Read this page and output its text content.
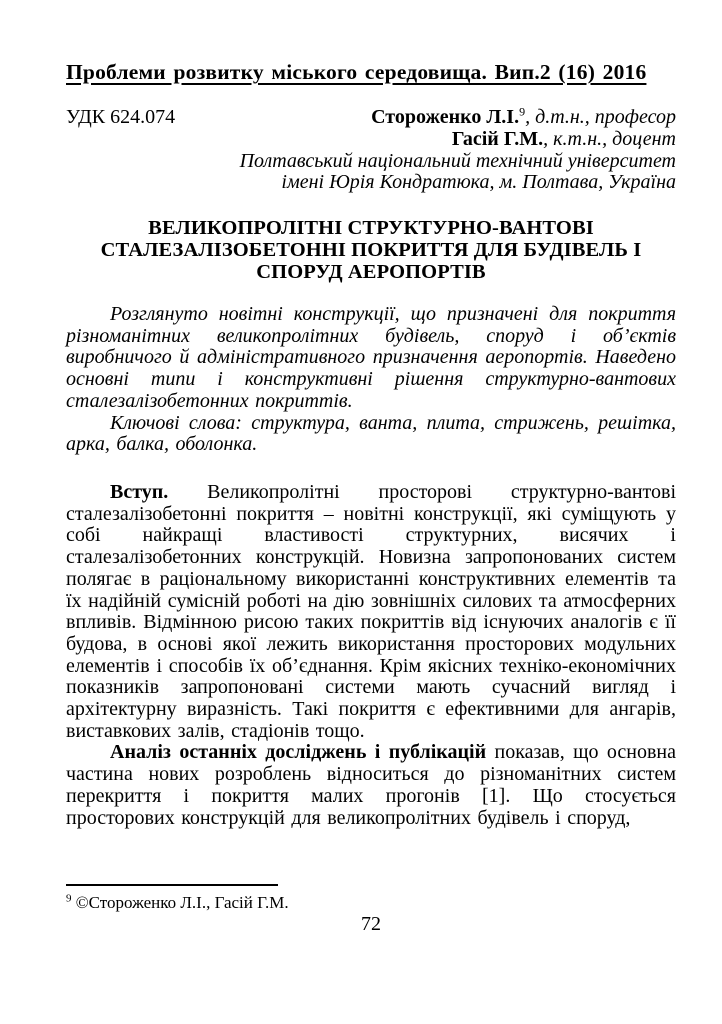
Проблеми розвитку міського середовища. Вип.2 (16) 2016
УДК 624.074	Стороженко Л.І.$^9$, д.т.н., професор
Гасій Г.М., к.т.н., доцент
Полтавський національний технічний університет
імені Юрія Кондратюка, м. Полтава, Україна
ВЕЛИКОПРОЛІТНІ СТРУКТУРНО-ВАНТОВІ
СТАЛЕЗАЛІЗОБЕТОННІ ПОКРИТТЯ ДЛЯ БУДІВЕЛЬ І
СПОРУД АЕРОПОРТІВ

Розглянуто новітні конструкції, що призначені для покриття різноманітних великопролітних будівель, споруд і об’єктів виробничого й адміністративного призначення аеропортів. Наведено основні типи і конструктивні рішення структурно-вантових сталезалізобетонних покриттів.

Ключові слова: структура, ванта, плита, стрижень, решітка, арка, балка, оболонка.

Вступ. Великопролітні просторові структурно-вантові сталезалізобетонні покриття – новітні конструкції, які суміщують у собі найкращі властивості структурних, висячих і сталезалізобетонних конструкцій. Новизна запропонованих систем полягає в раціональному використанні конструктивних елементів та їх надійній сумісній роботі на дію зовнішніх силових та атмосферних впливів. Відмінною рисою таких покриттів від існуючих аналогів є її будова, в основі якої лежить використання просторових модульних елементів і способів їх об’єднання. Крім якісних техніко-економічних показників запропоновані системи мають сучасний вигляд і архітектурну виразність. Такі покриття є ефективними для ангарів, виставкових залів, стадіонів тощо.

Аналіз останніх досліджень і публікацій показав, що основна частина нових розроблень відноситься до різноманітних систем перекриття і покриття малих прогонів [1]. Що стосується просторових конструкцій для великопролітних будівель і споруд,

$^9$ ©Стороженко Л.І., Гасій Г.М.
72
